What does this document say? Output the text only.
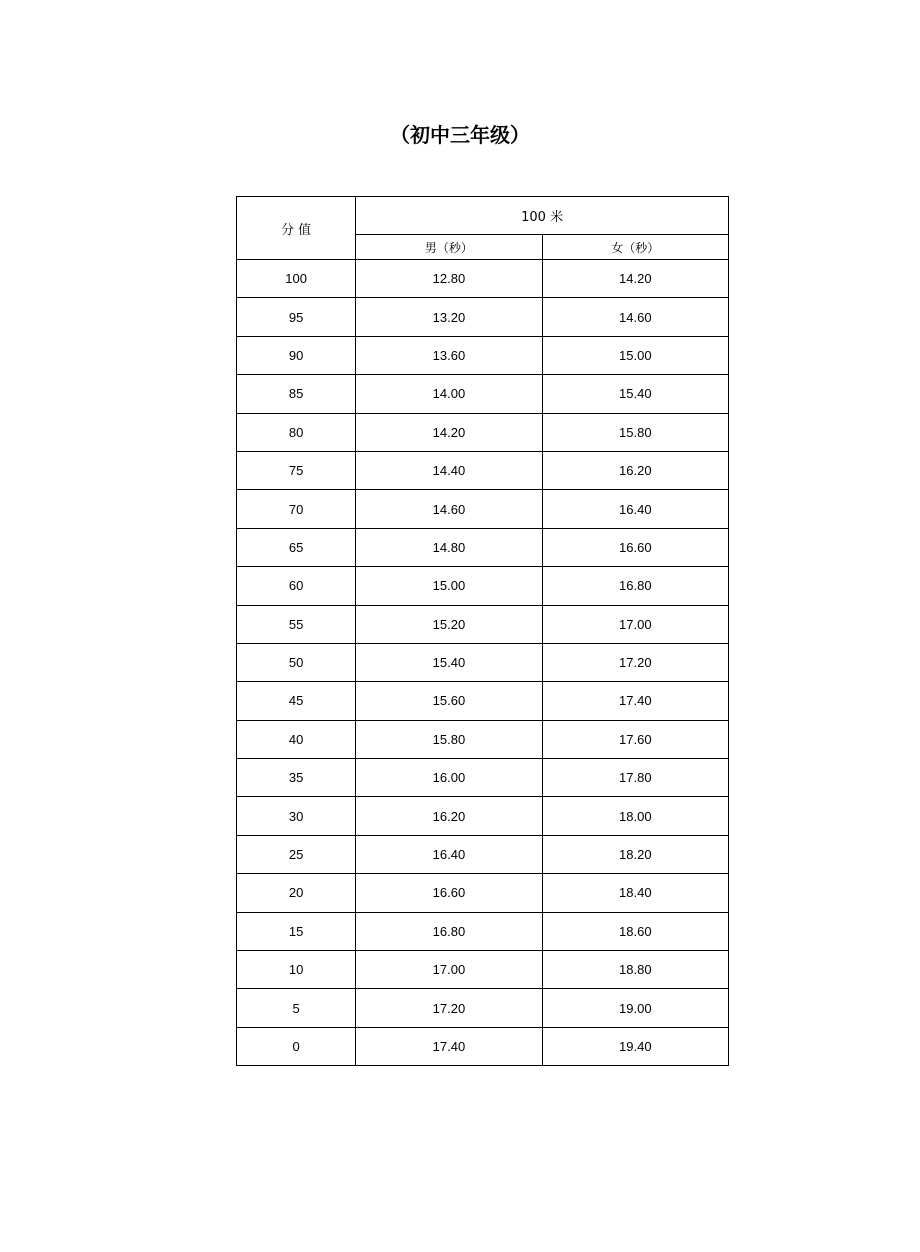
（初中三年级）
分 值	100 米	
	男（秒）	女（秒）
100	12.80	14.20
95	13.20	14.60
90	13.60	15.00
85	14.00	15.40
80	14.20	15.80
75	14.40	16.20
70	14.60	16.40
65	14.80	16.60
60	15.00	16.80
55	15.20	17.00
50	15.40	17.20
45	15.60	17.40
40	15.80	17.60
35	16.00	17.80
30	16.20	18.00
25	16.40	18.20
20	16.60	18.40
15	16.80	18.60
10	17.00	18.80
5	17.20	19.00
0	17.40	19.40
